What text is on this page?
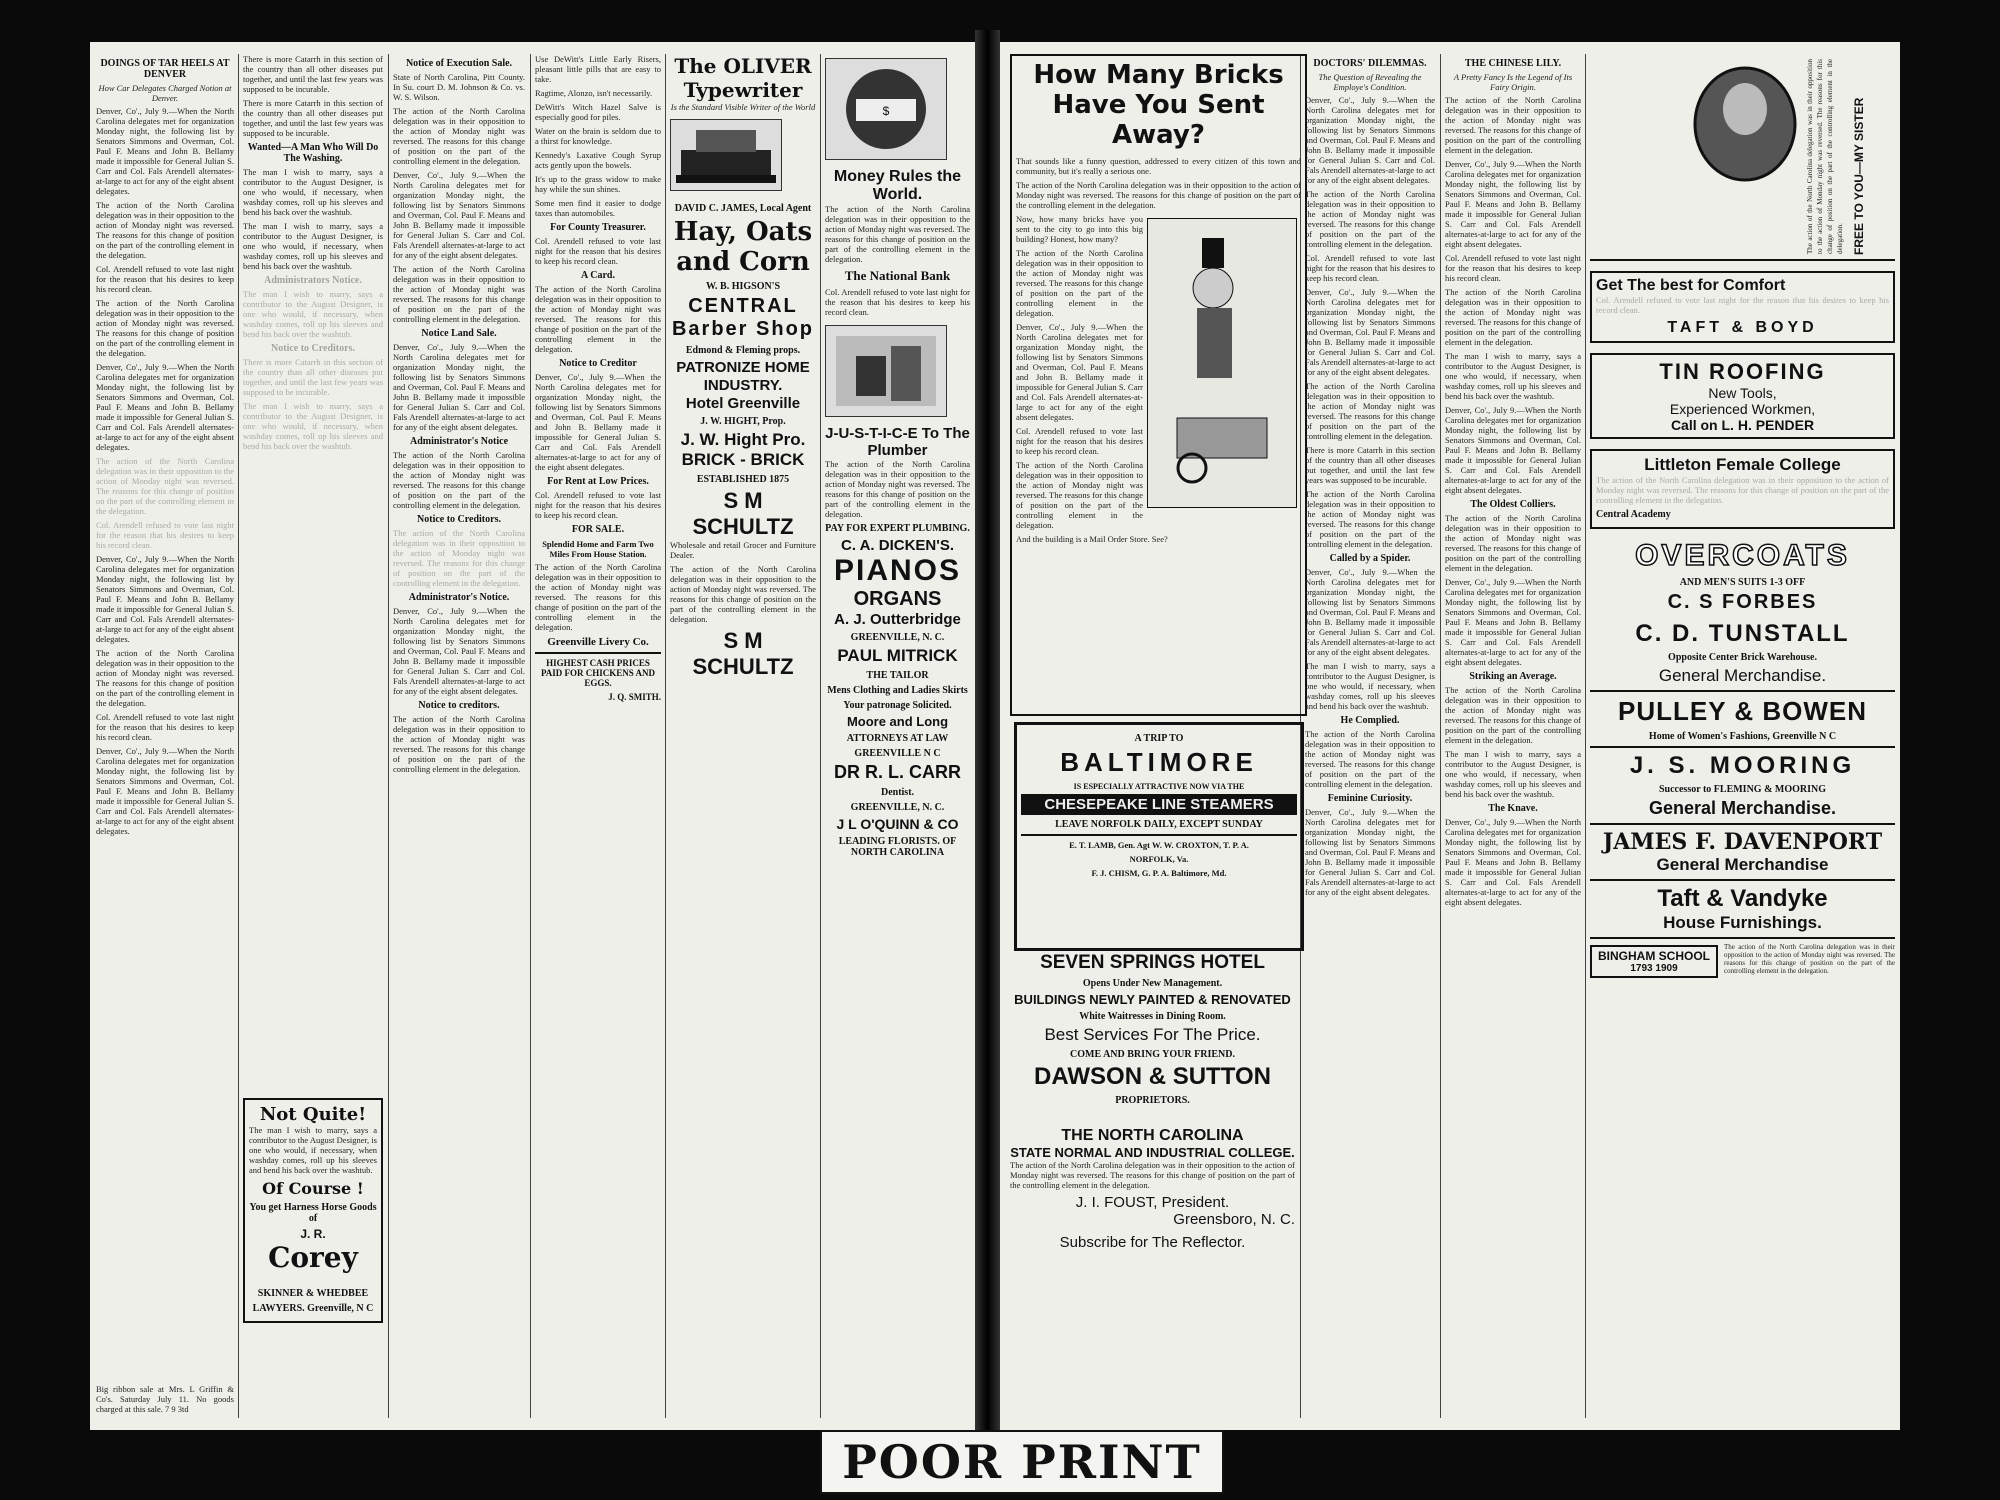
DOINGS OF TAR HEELS AT DENVER
How Car Delegates Charged Notion at Denver.

Denver, Co'., July 9.—When the North Carolina delegates met for organization Monday night, the following list by Senators Simmons and Overman, Col. Paul F. Means and John B. Bellamy made it impossible for General Julian S. Carr and Col. Fals Arendell alternates-at-large to act for any of the eight absent delegates.

The action of the North Carolina delegation was in their opposition to the action of Monday night was reversed. The reasons for this change of position on the part of the controlling element in the delegation.

Col. Arendell refused to vote last night for the reason that his desires to keep his record clean.

The action of the North Carolina delegation was in their opposition to the action of Monday night was reversed. The reasons for this change of position on the part of the controlling element in the delegation.

Denver, Co'., July 9.—When the North Carolina delegates met for organization Monday night, the following list by Senators Simmons and Overman, Col. Paul F. Means and John B. Bellamy made it impossible for General Julian S. Carr and Col. Fals Arendell alternates-at-large to act for any of the eight absent delegates.

The action of the North Carolina delegation was in their opposition to the action of Monday night was reversed. The reasons for this change of position on the part of the controlling element in the delegation.

Col. Arendell refused to vote last night for the reason that his desires to keep his record clean.

Denver, Co'., July 9.—When the North Carolina delegates met for organization Monday night, the following list by Senators Simmons and Overman, Col. Paul F. Means and John B. Bellamy made it impossible for General Julian S. Carr and Col. Fals Arendell alternates-at-large to act for any of the eight absent delegates.

The action of the North Carolina delegation was in their opposition to the action of Monday night was reversed. The reasons for this change of position on the part of the controlling element in the delegation.

Col. Arendell refused to vote last night for the reason that his desires to keep his record clean.

Denver, Co'., July 9.—When the North Carolina delegates met for organization Monday night, the following list by Senators Simmons and Overman, Col. Paul F. Means and John B. Bellamy made it impossible for General Julian S. Carr and Col. Fals Arendell alternates-at-large to act for any of the eight absent delegates.

Big ribbon sale at Mrs. L Griffin & Co's. Saturday July 11. No goods charged at this sale. 7 9 3td

There is more Catarrh in this section of the country than all other diseases put together, and until the last few years was supposed to be incurable.

There is more Catarrh in this section of the country than all other diseases put together, and until the last few years was supposed to be incurable.

Wanted—A Man Who Will Do The Washing.

The man I wish to marry, says a contributor to the August Designer, is one who would, if necessary, when washday comes, roll up his sleeves and bend his back over the washtub.

The man I wish to marry, says a contributor to the August Designer, is one who would, if necessary, when washday comes, roll up his sleeves and bend his back over the washtub.

Administrators Notice.

The man I wish to marry, says a contributor to the August Designer, is one who would, if necessary, when washday comes, roll up his sleeves and bend his back over the washtub.

Notice to Creditors.

There is more Catarrh in this section of the country than all other diseases put together, and until the last few years was supposed to be incurable.

The man I wish to marry, says a contributor to the August Designer, is one who would, if necessary, when washday comes, roll up his sleeves and bend his back over the washtub.

Not Quite!

The man I wish to marry, says a contributor to the August Designer, is one who would, if necessary, when washday comes, roll up his sleeves and bend his back over the washtub.

Of Course !
You get Harness Horse Goods of
J. R.
Corey
SKINNER & WHEDBEE
LAWYERS. Greenville, N C
Notice of Execution Sale.

State of North Carolina, Pitt County. In Su. court D. M. Johnson & Co. vs. W. S. Wilson.

The action of the North Carolina delegation was in their opposition to the action of Monday night was reversed. The reasons for this change of position on the part of the controlling element in the delegation.

Denver, Co'., July 9.—When the North Carolina delegates met for organization Monday night, the following list by Senators Simmons and Overman, Col. Paul F. Means and John B. Bellamy made it impossible for General Julian S. Carr and Col. Fals Arendell alternates-at-large to act for any of the eight absent delegates.

The action of the North Carolina delegation was in their opposition to the action of Monday night was reversed. The reasons for this change of position on the part of the controlling element in the delegation.

Notice Land Sale.

Denver, Co'., July 9.—When the North Carolina delegates met for organization Monday night, the following list by Senators Simmons and Overman, Col. Paul F. Means and John B. Bellamy made it impossible for General Julian S. Carr and Col. Fals Arendell alternates-at-large to act for any of the eight absent delegates.

Administrator's Notice

The action of the North Carolina delegation was in their opposition to the action of Monday night was reversed. The reasons for this change of position on the part of the controlling element in the delegation.

Notice to Creditors.

The action of the North Carolina delegation was in their opposition to the action of Monday night was reversed. The reasons for this change of position on the part of the controlling element in the delegation.

Administrator's Notice.

Denver, Co'., July 9.—When the North Carolina delegates met for organization Monday night, the following list by Senators Simmons and Overman, Col. Paul F. Means and John B. Bellamy made it impossible for General Julian S. Carr and Col. Fals Arendell alternates-at-large to act for any of the eight absent delegates.

Notice to creditors.

The action of the North Carolina delegation was in their opposition to the action of Monday night was reversed. The reasons for this change of position on the part of the controlling element in the delegation.

Use DeWitt's Little Early Risers, pleasant little pills that are easy to take.

Ragtime, Alonzo, isn't necessarily.

DeWitt's Witch Hazel Salve is especially good for piles.

Water on the brain is seldom due to a thirst for knowledge.

Kennedy's Laxative Cough Syrup acts gently upon the bowels.

It's up to the grass widow to make hay while the sun shines.

Some men find it easier to dodge taxes than automobiles.

For County Treasurer.

Col. Arendell refused to vote last night for the reason that his desires to keep his record clean.

A Card.

The action of the North Carolina delegation was in their opposition to the action of Monday night was reversed. The reasons for this change of position on the part of the controlling element in the delegation.

Notice to Creditor

Denver, Co'., July 9.—When the North Carolina delegates met for organization Monday night, the following list by Senators Simmons and Overman, Col. Paul F. Means and John B. Bellamy made it impossible for General Julian S. Carr and Col. Fals Arendell alternates-at-large to act for any of the eight absent delegates.

For Rent at Low Prices.

Col. Arendell refused to vote last night for the reason that his desires to keep his record clean.

FOR SALE.
Splendid Home and Farm Two Miles From House Station.

The action of the North Carolina delegation was in their opposition to the action of Monday night was reversed. The reasons for this change of position on the part of the controlling element in the delegation.

Greenville Livery Co.
HIGHEST CASH PRICES PAID FOR CHICKENS AND EGGS.
J. Q. SMITH.
The OLIVER Typewriter
Is the Standard Visible Writer of the World
DAVID C. JAMES, Local Agent
Hay, Oats and Corn
W. B. HIGSON'S
CENTRAL Barber Shop
Edmond & Fleming props.
PATRONIZE HOME INDUSTRY.
Hotel Greenville
J. W. HIGHT, Prop.
J. W. Hight Pro.
BRICK - BRICK
ESTABLISHED 1875
S M SCHULTZ

Wholesale and retail Grocer and Furniture Dealer.

The action of the North Carolina delegation was in their opposition to the action of Monday night was reversed. The reasons for this change of position on the part of the controlling element in the delegation.

S M SCHULTZ
$
Money Rules the World.

The action of the North Carolina delegation was in their opposition to the action of Monday night was reversed. The reasons for this change of position on the part of the controlling element in the delegation.

The National Bank

Col. Arendell refused to vote last night for the reason that his desires to keep his record clean.

J-U-S-T-I-C-E To The Plumber

The action of the North Carolina delegation was in their opposition to the action of Monday night was reversed. The reasons for this change of position on the part of the controlling element in the delegation.

PAY FOR EXPERT PLUMBING.
C. A. DICKEN'S.
PIANOS
ORGANS
A. J. Outterbridge
GREENVILLE, N. C.
PAUL MITRICK
THE TAILOR
Mens Clothing and Ladies Skirts
Your patronage Solicited.
Moore and Long
ATTORNEYS AT LAW
GREENVILLE N C
DR R. L. CARR
Dentist.
GREENVILLE, N. C.
J L O'QUINN & CO
LEADING FLORISTS. OF NORTH CAROLINA
How Many Bricks
Have You Sent
Away?

That sounds like a funny question, addressed to every citizen of this town and community, but it's really a serious one.

The action of the North Carolina delegation was in their opposition to the action of Monday night was reversed. The reasons for this change of position on the part of the controlling element in the delegation.

Now, how many bricks have you sent to the city to go into this big building? Honest, how many?

The action of the North Carolina delegation was in their opposition to the action of Monday night was reversed. The reasons for this change of position on the part of the controlling element in the delegation.

Denver, Co'., July 9.—When the North Carolina delegates met for organization Monday night, the following list by Senators Simmons and Overman, Col. Paul F. Means and John B. Bellamy made it impossible for General Julian S. Carr and Col. Fals Arendell alternates-at-large to act for any of the eight absent delegates.

Col. Arendell refused to vote last night for the reason that his desires to keep his record clean.

The action of the North Carolina delegation was in their opposition to the action of Monday night was reversed. The reasons for this change of position on the part of the controlling element in the delegation.

And the building is a Mail Order Store. See?

A TRIP TO
BALTIMORE
IS ESPECIALLY ATTRACTIVE NOW VIA THE
CHESEPEAKE LINE STEAMERS
LEAVE NORFOLK DAILY, EXCEPT SUNDAY
E. T. LAMB, Gen. Agt W. W. CROXTON, T. P. A.
NORFOLK, Va.
F. J. CHISM, G. P. A. Baltimore, Md.
SEVEN SPRINGS HOTEL
Opens Under New Management.
BUILDINGS NEWLY PAINTED & RENOVATED
White Waitresses in Dining Room.
Best Services For The Price.
COME AND BRING YOUR FRIEND.
DAWSON & SUTTON
PROPRIETORS.
THE NORTH CAROLINA
STATE NORMAL AND INDUSTRIAL COLLEGE.

The action of the North Carolina delegation was in their opposition to the action of Monday night was reversed. The reasons for this change of position on the part of the controlling element in the delegation.

J. I. FOUST, President.
Greensboro, N. C.
Subscribe for The Reflector.
DOCTORS' DILEMMAS.
The Question of Revealing the Employe's Condition.

Denver, Co'., July 9.—When the North Carolina delegates met for organization Monday night, the following list by Senators Simmons and Overman, Col. Paul F. Means and John B. Bellamy made it impossible for General Julian S. Carr and Col. Fals Arendell alternates-at-large to act for any of the eight absent delegates.

The action of the North Carolina delegation was in their opposition to the action of Monday night was reversed. The reasons for this change of position on the part of the controlling element in the delegation.

Col. Arendell refused to vote last night for the reason that his desires to keep his record clean.

Denver, Co'., July 9.—When the North Carolina delegates met for organization Monday night, the following list by Senators Simmons and Overman, Col. Paul F. Means and John B. Bellamy made it impossible for General Julian S. Carr and Col. Fals Arendell alternates-at-large to act for any of the eight absent delegates.

The action of the North Carolina delegation was in their opposition to the action of Monday night was reversed. The reasons for this change of position on the part of the controlling element in the delegation.

There is more Catarrh in this section of the country than all other diseases put together, and until the last few years was supposed to be incurable.

The action of the North Carolina delegation was in their opposition to the action of Monday night was reversed. The reasons for this change of position on the part of the controlling element in the delegation.

Called by a Spider.

Denver, Co'., July 9.—When the North Carolina delegates met for organization Monday night, the following list by Senators Simmons and Overman, Col. Paul F. Means and John B. Bellamy made it impossible for General Julian S. Carr and Col. Fals Arendell alternates-at-large to act for any of the eight absent delegates.

The man I wish to marry, says a contributor to the August Designer, is one who would, if necessary, when washday comes, roll up his sleeves and bend his back over the washtub.

He Complied.

The action of the North Carolina delegation was in their opposition to the action of Monday night was reversed. The reasons for this change of position on the part of the controlling element in the delegation.

Feminine Curiosity.

Denver, Co'., July 9.—When the North Carolina delegates met for organization Monday night, the following list by Senators Simmons and Overman, Col. Paul F. Means and John B. Bellamy made it impossible for General Julian S. Carr and Col. Fals Arendell alternates-at-large to act for any of the eight absent delegates.

THE CHINESE LILY.
A Pretty Fancy Is the Legend of Its Fairy Origin.

The action of the North Carolina delegation was in their opposition to the action of Monday night was reversed. The reasons for this change of position on the part of the controlling element in the delegation.

Denver, Co'., July 9.—When the North Carolina delegates met for organization Monday night, the following list by Senators Simmons and Overman, Col. Paul F. Means and John B. Bellamy made it impossible for General Julian S. Carr and Col. Fals Arendell alternates-at-large to act for any of the eight absent delegates.

Col. Arendell refused to vote last night for the reason that his desires to keep his record clean.

The action of the North Carolina delegation was in their opposition to the action of Monday night was reversed. The reasons for this change of position on the part of the controlling element in the delegation.

The man I wish to marry, says a contributor to the August Designer, is one who would, if necessary, when washday comes, roll up his sleeves and bend his back over the washtub.

Denver, Co'., July 9.—When the North Carolina delegates met for organization Monday night, the following list by Senators Simmons and Overman, Col. Paul F. Means and John B. Bellamy made it impossible for General Julian S. Carr and Col. Fals Arendell alternates-at-large to act for any of the eight absent delegates.

The Oldest Colliers.

The action of the North Carolina delegation was in their opposition to the action of Monday night was reversed. The reasons for this change of position on the part of the controlling element in the delegation.

Denver, Co'., July 9.—When the North Carolina delegates met for organization Monday night, the following list by Senators Simmons and Overman, Col. Paul F. Means and John B. Bellamy made it impossible for General Julian S. Carr and Col. Fals Arendell alternates-at-large to act for any of the eight absent delegates.

Striking an Average.

The action of the North Carolina delegation was in their opposition to the action of Monday night was reversed. The reasons for this change of position on the part of the controlling element in the delegation.

The man I wish to marry, says a contributor to the August Designer, is one who would, if necessary, when washday comes, roll up his sleeves and bend his back over the washtub.

The Knave.

Denver, Co'., July 9.—When the North Carolina delegates met for organization Monday night, the following list by Senators Simmons and Overman, Col. Paul F. Means and John B. Bellamy made it impossible for General Julian S. Carr and Col. Fals Arendell alternates-at-large to act for any of the eight absent delegates.

FREE TO YOU—MY SISTER
The action of the North Carolina delegation was in their opposition to the action of Monday night was reversed. The reasons for this change of position on the part of the controlling element in the delegation.
Get The best for Comfort

Col. Arendell refused to vote last night for the reason that his desires to keep his record clean.

TAFT & BOYD
TIN ROOFING
New Tools,
Experienced Workmen,
Call on L. H. PENDER
Littleton Female College

The action of the North Carolina delegation was in their opposition to the action of Monday night was reversed. The reasons for this change of position on the part of the controlling element in the delegation.

Central Academy
OVERCOATS
AND MEN'S SUITS 1-3 OFF
C. S FORBES
C. D. TUNSTALL
Opposite Center Brick Warehouse.
General Merchandise.
PULLEY & BOWEN
Home of Women's Fashions, Greenville N C
J. S. MOORING
Successor to FLEMING & MOORING
General Merchandise.
JAMES F. DAVENPORT
General Merchandise
Taft & Vandyke
House Furnishings.
BINGHAM SCHOOL
1793 1909

The action of the North Carolina delegation was in their opposition to the action of Monday night was reversed. The reasons for this change of position on the part of the controlling element in the delegation.

POOR PRINT
